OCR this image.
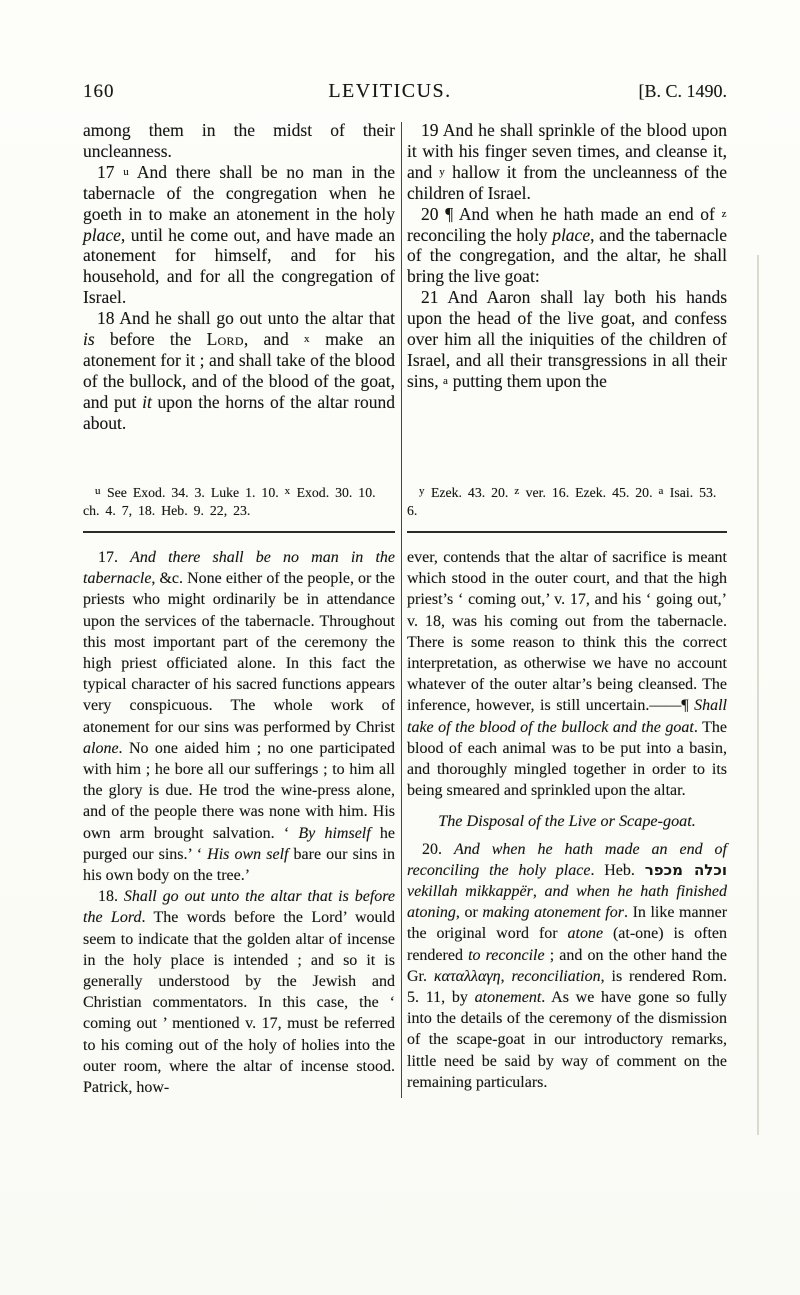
160	LEVITICUS.	[B. C. 1490.

among them in the midst of their uncleanness.

17 u And there shall be no man in the tabernacle of the congregation when he goeth in to make an atonement in the holy place, until he come out, and have made an atonement for himself, and for his household, and for all the congregation of Israel.

18 And he shall go out unto the altar that is before the Lord, and x make an atonement for it ; and shall take of the blood of the bullock, and of the blood of the goat, and put it upon the horns of the altar round about.

$^u$ See Exod. 34. 3. Luke 1. 10. $^x$ Exod. 30. 10. ch. 4. 7, 18. Heb. 9. 22, 23.

17. And there shall be no man in the tabernacle, &c. None either of the people, or the priests who might ordinarily be in attendance upon the services of the tabernacle. Throughout this most important part of the ceremony the high priest officiated alone. In this fact the typical character of his sacred functions appears very conspicuous. The whole work of atonement for our sins was performed by Christ alone. No one aided him ; no one participated with him ; he bore all our sufferings ; to him all the glory is due. He trod the wine-press alone, and of the people there was none with him. His own arm brought salvation. ‘ By himself he purged our sins.’ ‘ His own self bare our sins in his own body on the tree.’

18. Shall go out unto the altar that is before the Lord. The words before the Lord’ would seem to indicate that the golden altar of incense in the holy place is intended ; and so it is generally understood by the Jewish and Christian commentators. In this case, the ‘ coming out ’ mentioned v. 17, must be referred to his coming out of the holy of holies into the outer room, where the altar of incense stood. Patrick, how-

19 And he shall sprinkle of the blood upon it with his finger seven times, and cleanse it, and y hallow it from the uncleanness of the children of Israel.

20 ¶ And when he hath made an end of z reconciling the holy place, and the tabernacle of the congregation, and the altar, he shall bring the live goat:

21 And Aaron shall lay both his hands upon the head of the live goat, and confess over him all the iniquities of the children of Israel, and all their transgressions in all their sins, a putting them upon the

$^y$ Ezek. 43. 20. $^z$ ver. 16. Ezek. 45. 20. $^a$ Isai. 53. 6.

ever, contends that the altar of sacrifice is meant which stood in the outer court, and that the high priest’s ‘ coming out,’ v. 17, and his ‘ going out,’ v. 18, was his coming out from the tabernacle. There is some reason to think this the correct interpretation, as otherwise we have no account whatever of the outer altar’s being cleansed. The inference, however, is still uncertain.——¶ Shall take of the blood of the bullock and the goat. The blood of each animal was to be put into a basin, and thoroughly mingled together in order to its being smeared and sprinkled upon the altar.

The Disposal of the Live or Scape-goat.

20. And when he hath made an end of reconciling the holy place. Heb. וכלה מכפר vekillah mikkappër, and when he hath finished atoning, or making atonement for. In like manner the original word for atone (at-one) is often rendered to reconcile ; and on the other hand the Gr. καταλλαγη, reconciliation, is rendered Rom. 5. 11, by atonement. As we have gone so fully into the details of the ceremony of the dismission of the scape-goat in our introductory remarks, little need be said by way of comment on the remaining particulars.
